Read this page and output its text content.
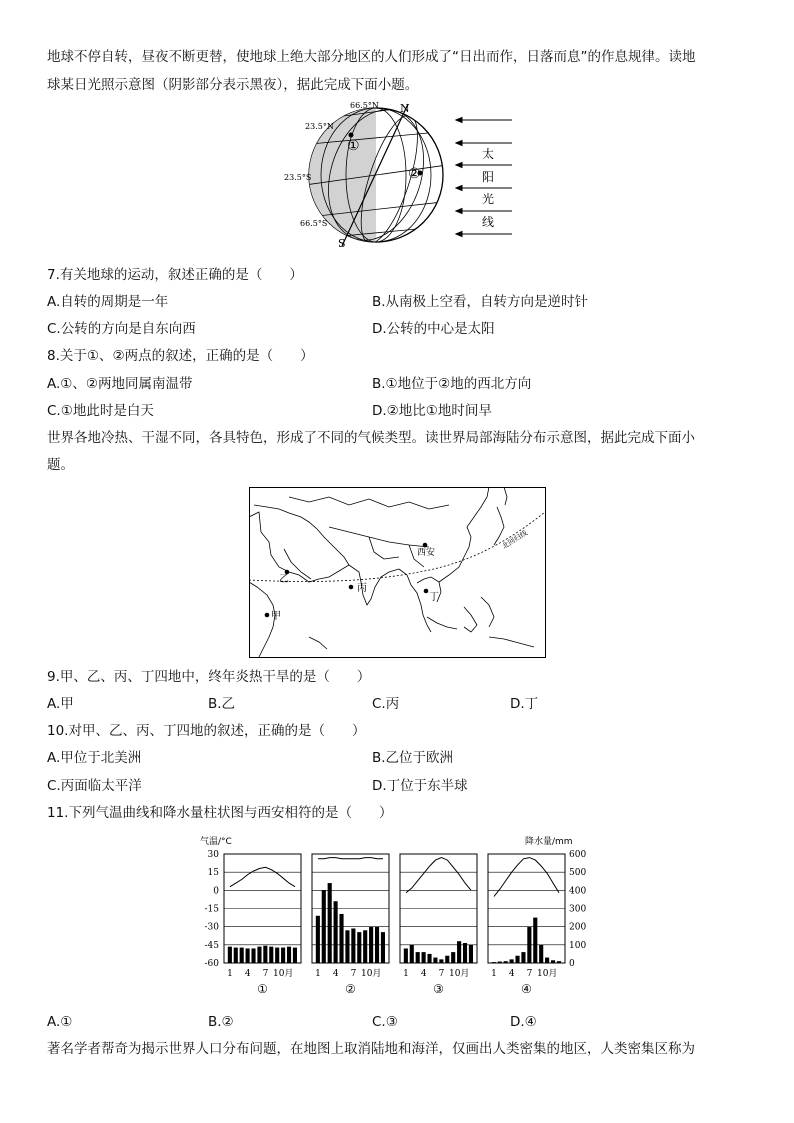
地球不停自转，昼夜不断更替，使地球上绝大部分地区的人们形成了“日出而作，日落而息”的作息规律。读地
球某日光照示意图（阴影部分表示黑夜），据此完成下面小题。
N
S
66.5°N
23.5°N
23.5°S
66.5°S
①
②
太
阳
光
线
7.有关地球的运动，叙述正确的是（　　）
A.自转的周期是一年	B.从南极上空看，自转方向是逆时针
C.公转的方向是自东向西	D.公转的中心是太阳
8.关于①、②两点的叙述，正确的是（　　）
A.①、②两地同属南温带	B.①地位于②地的西北方向
C.①地此时是白天	D.②地比①地时间早
世界各地冷热、干湿不同，各具特色，形成了不同的气候类型。读世界局部海陆分布示意图，据此完成下面小
题。
北回归线
西安
乙
甲
丙
丁
9.甲、乙、丙、丁四地中，终年炎热干旱的是（　　）
A.甲	B.乙	C.丙	D.丁
10.对甲、乙、丙、丁四地的叙述，正确的是（　　）
A.甲位于北美洲	B.乙位于欧洲
C.丙面临太平洋	D.丁位于东半球
11.下列气温曲线和降水量柱状图与西安相符的是（　　）
气温/°C	降水量/mm
30
15
0
-15
-30
-45
-60
600
500
400
300
200
100
0
1 4 7 10月
①
1 4 7 10月
②
1 4 7 10月
③
1 4 7 10月
④
A.①	B.②	C.③	D.④
著名学者帮奇为揭示世界人口分布问题，在地图上取消陆地和海洋，仅画出人类密集的地区，人类密集区称为
